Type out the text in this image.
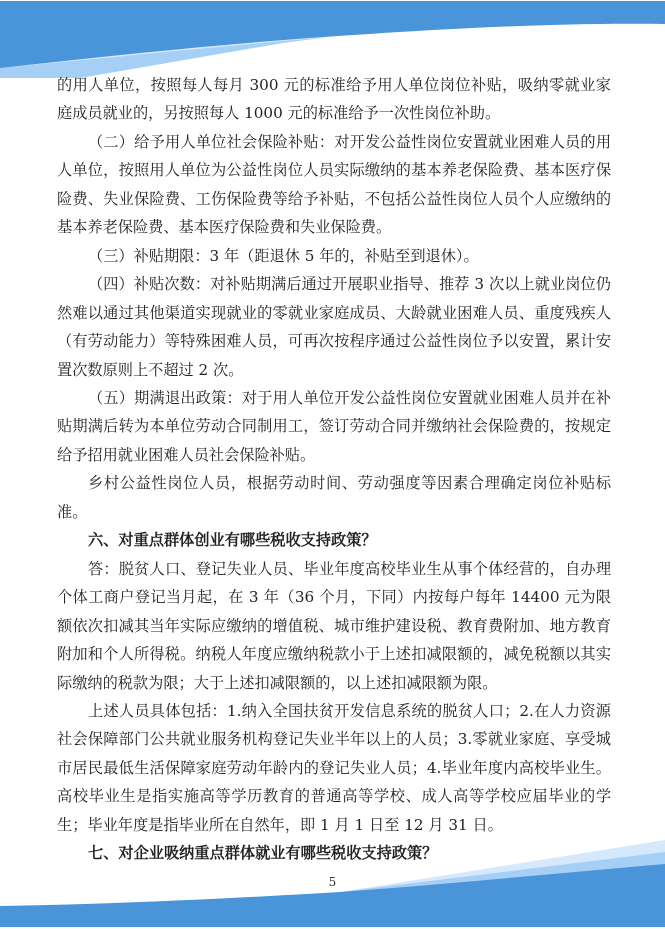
的用人单位，按照每人每月 300 元的标准给予用人单位岗位补贴，吸纳零就业家庭成员就业的，另按照每人 1000 元的标准给予一次性岗位补助。
（二）给予用人单位社会保险补贴：对开发公益性岗位安置就业困难人员的用人单位，按照用人单位为公益性岗位人员实际缴纳的基本养老保险费、基本医疗保险费、失业保险费、工伤保险费等给予补贴，不包括公益性岗位人员个人应缴纳的基本养老保险费、基本医疗保险费和失业保险费。
（三）补贴期限：3 年（距退休 5 年的，补贴至到退休）。
（四）补贴次数：对补贴期满后通过开展职业指导、推荐 3 次以上就业岗位仍然难以通过其他渠道实现就业的零就业家庭成员、大龄就业困难人员、重度残疾人（有劳动能力）等特殊困难人员，可再次按程序通过公益性岗位予以安置，累计安置次数原则上不超过 2 次。
（五）期满退出政策：对于用人单位开发公益性岗位安置就业困难人员并在补贴期满后转为本单位劳动合同制用工，签订劳动合同并缴纳社会保险费的，按规定给予招用就业困难人员社会保险补贴。
乡村公益性岗位人员，根据劳动时间、劳动强度等因素合理确定岗位补贴标准。
六、对重点群体创业有哪些税收支持政策？
答：脱贫人口、登记失业人员、毕业年度高校毕业生从事个体经营的，自办理个体工商户登记当月起，在 3 年（36 个月，下同）内按每户每年 14400 元为限额依次扣减其当年实际应缴纳的增值税、城市维护建设税、教育费附加、地方教育附加和个人所得税。纳税人年度应缴纳税款小于上述扣减限额的，减免税额以其实际缴纳的税款为限；大于上述扣减限额的，以上述扣减限额为限。
上述人员具体包括：1.纳入全国扶贫开发信息系统的脱贫人口；2.在人力资源社会保障部门公共就业服务机构登记失业半年以上的人员；3.零就业家庭、享受城市居民最低生活保障家庭劳动年龄内的登记失业人员；4.毕业年度内高校毕业生。高校毕业生是指实施高等学历教育的普通高等学校、成人高等学校应届毕业的学生；毕业年度是指毕业所在自然年，即 1 月 1 日至 12 月 31 日。
七、对企业吸纳重点群体就业有哪些税收支持政策？
5
